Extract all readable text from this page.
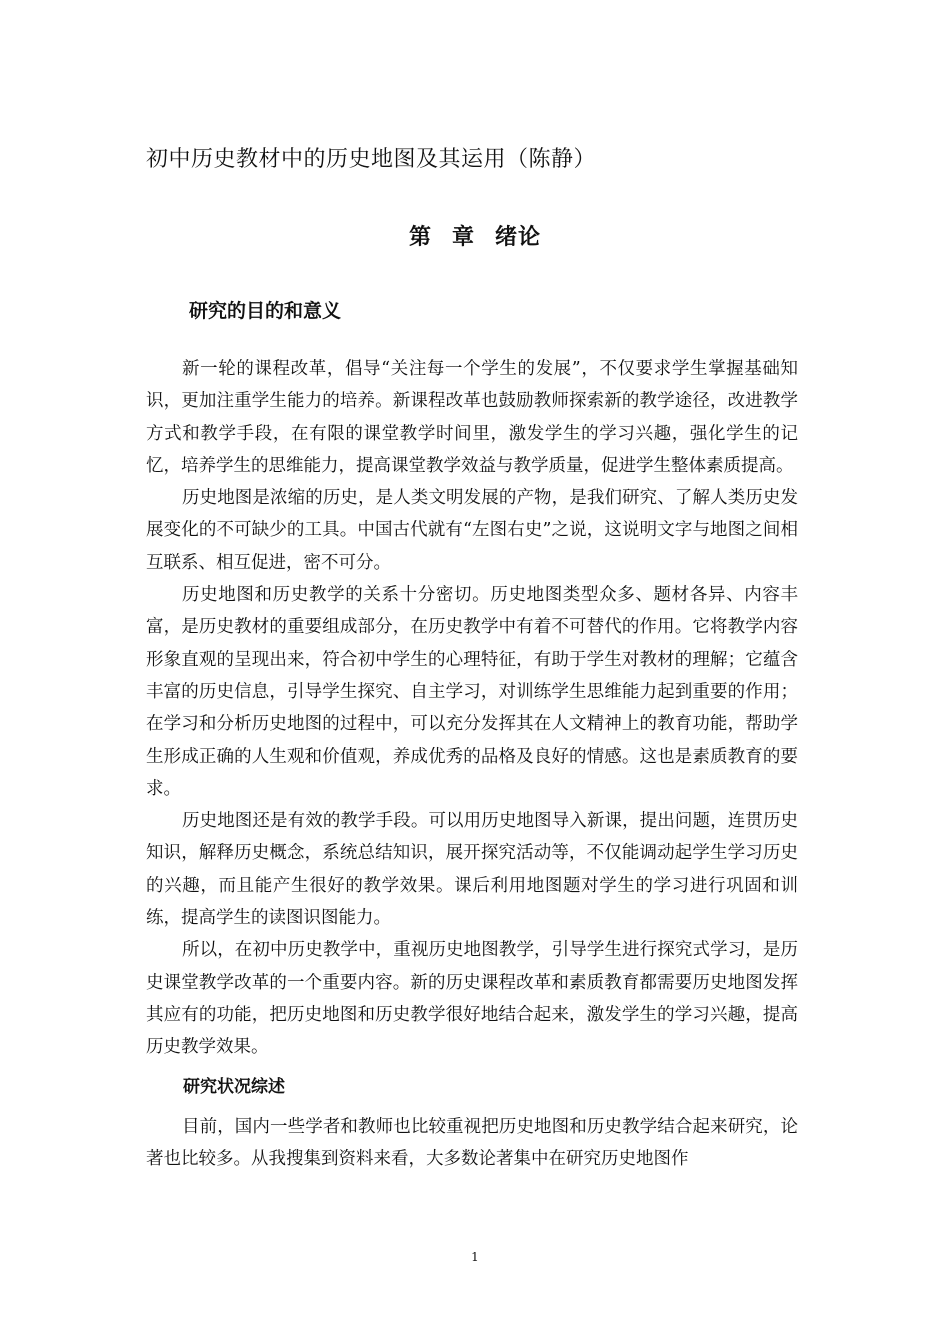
初中历史教材中的历史地图及其运用（陈静）
第 章 绪论
研究的目的和意义

新一轮的课程改革，倡导“关注每一个学生的发展”，不仅要求学生掌握基础知识，更加注重学生能力的培养。新课程改革也鼓励教师探索新的教学途径，改进教学方式和教学手段，在有限的课堂教学时间里，激发学生的学习兴趣，强化学生的记忆，培养学生的思维能力，提高课堂教学效益与教学质量，促进学生整体素质提高。

历史地图是浓缩的历史，是人类文明发展的产物，是我们研究、了解人类历史发展变化的不可缺少的工具。中国古代就有“左图右史”之说，这说明文字与地图之间相互联系、相互促进，密不可分。

历史地图和历史教学的关系十分密切。历史地图类型众多、题材各异、内容丰富，是历史教材的重要组成部分，在历史教学中有着不可替代的作用。它将教学内容形象直观的呈现出来，符合初中学生的心理特征，有助于学生对教材的理解；它蕴含丰富的历史信息，引导学生探究、自主学习，对训练学生思维能力起到重要的作用；在学习和分析历史地图的过程中，可以充分发挥其在人文精神上的教育功能，帮助学生形成正确的人生观和价值观，养成优秀的品格及良好的情感。这也是素质教育的要求。

历史地图还是有效的教学手段。可以用历史地图导入新课，提出问题，连贯历史知识，解释历史概念，系统总结知识，展开探究活动等，不仅能调动起学生学习历史的兴趣，而且能产生很好的教学效果。课后利用地图题对学生的学习进行巩固和训练，提高学生的读图识图能力。

所以，在初中历史教学中，重视历史地图教学，引导学生进行探究式学习，是历史课堂教学改革的一个重要内容。新的历史课程改革和素质教育都需要历史地图发挥其应有的功能，把历史地图和历史教学很好地结合起来，激发学生的学习兴趣，提高历史教学效果。

研究状况综述

目前，国内一些学者和教师也比较重视把历史地图和历史教学结合起来研究，论著也比较多。从我搜集到资料来看，大多数论著集中在研究历史地图作

1
